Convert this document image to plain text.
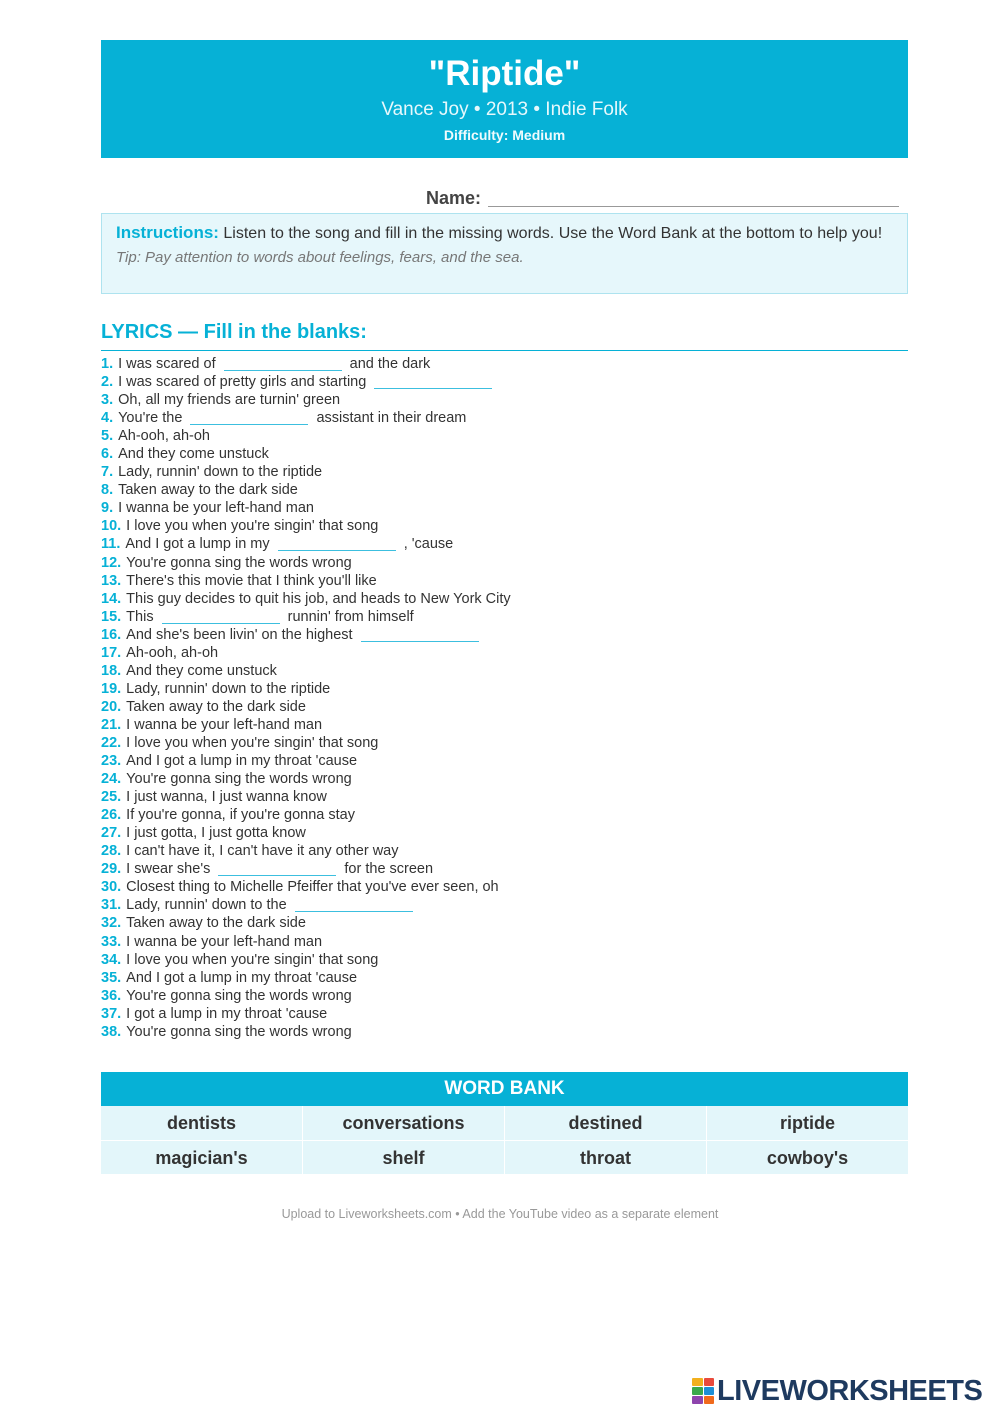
"Riptide"
Vance Joy • 2013 • Indie Folk
Difficulty: Medium
Name:

Instructions: Listen to the song and fill in the missing words. Use the Word Bank at the bottom to help you!

Tip: Pay attention to words about feelings, fears, and the sea.

LYRICS — Fill in the blanks:
1. I was scared of	and the dark
2. I was scared of pretty girls and starting
3. Oh, all my friends are turnin' green
4. You're the	assistant in their dream
5. Ah-ooh, ah-oh
6. And they come unstuck
7. Lady, runnin' down to the riptide
8. Taken away to the dark side
9. I wanna be your left-hand man
10. I love you when you're singin' that song
11. And I got a lump in my	, 'cause
12. You're gonna sing the words wrong
13. There's this movie that I think you'll like
14. This guy decides to quit his job, and heads to New York City
15. This	runnin' from himself
16. And she's been livin' on the highest
17. Ah-ooh, ah-oh
18. And they come unstuck
19. Lady, runnin' down to the riptide
20. Taken away to the dark side
21. I wanna be your left-hand man
22. I love you when you're singin' that song
23. And I got a lump in my throat 'cause
24. You're gonna sing the words wrong
25. I just wanna, I just wanna know
26. If you're gonna, if you're gonna stay
27. I just gotta, I just gotta know
28. I can't have it, I can't have it any other way
29. I swear she's	for the screen
30. Closest thing to Michelle Pfeiffer that you've ever seen, oh
31. Lady, runnin' down to the
32. Taken away to the dark side
33. I wanna be your left-hand man
34. I love you when you're singin' that song
35. And I got a lump in my throat 'cause
36. You're gonna sing the words wrong
37. I got a lump in my throat 'cause
38. You're gonna sing the words wrong
WORD BANK
dentists	conversations	destined	riptide
magician's	shelf	throat	cowboy's
Upload to Liveworksheets.com • Add the YouTube video as a separate element
LIVEWORKSHEETS
